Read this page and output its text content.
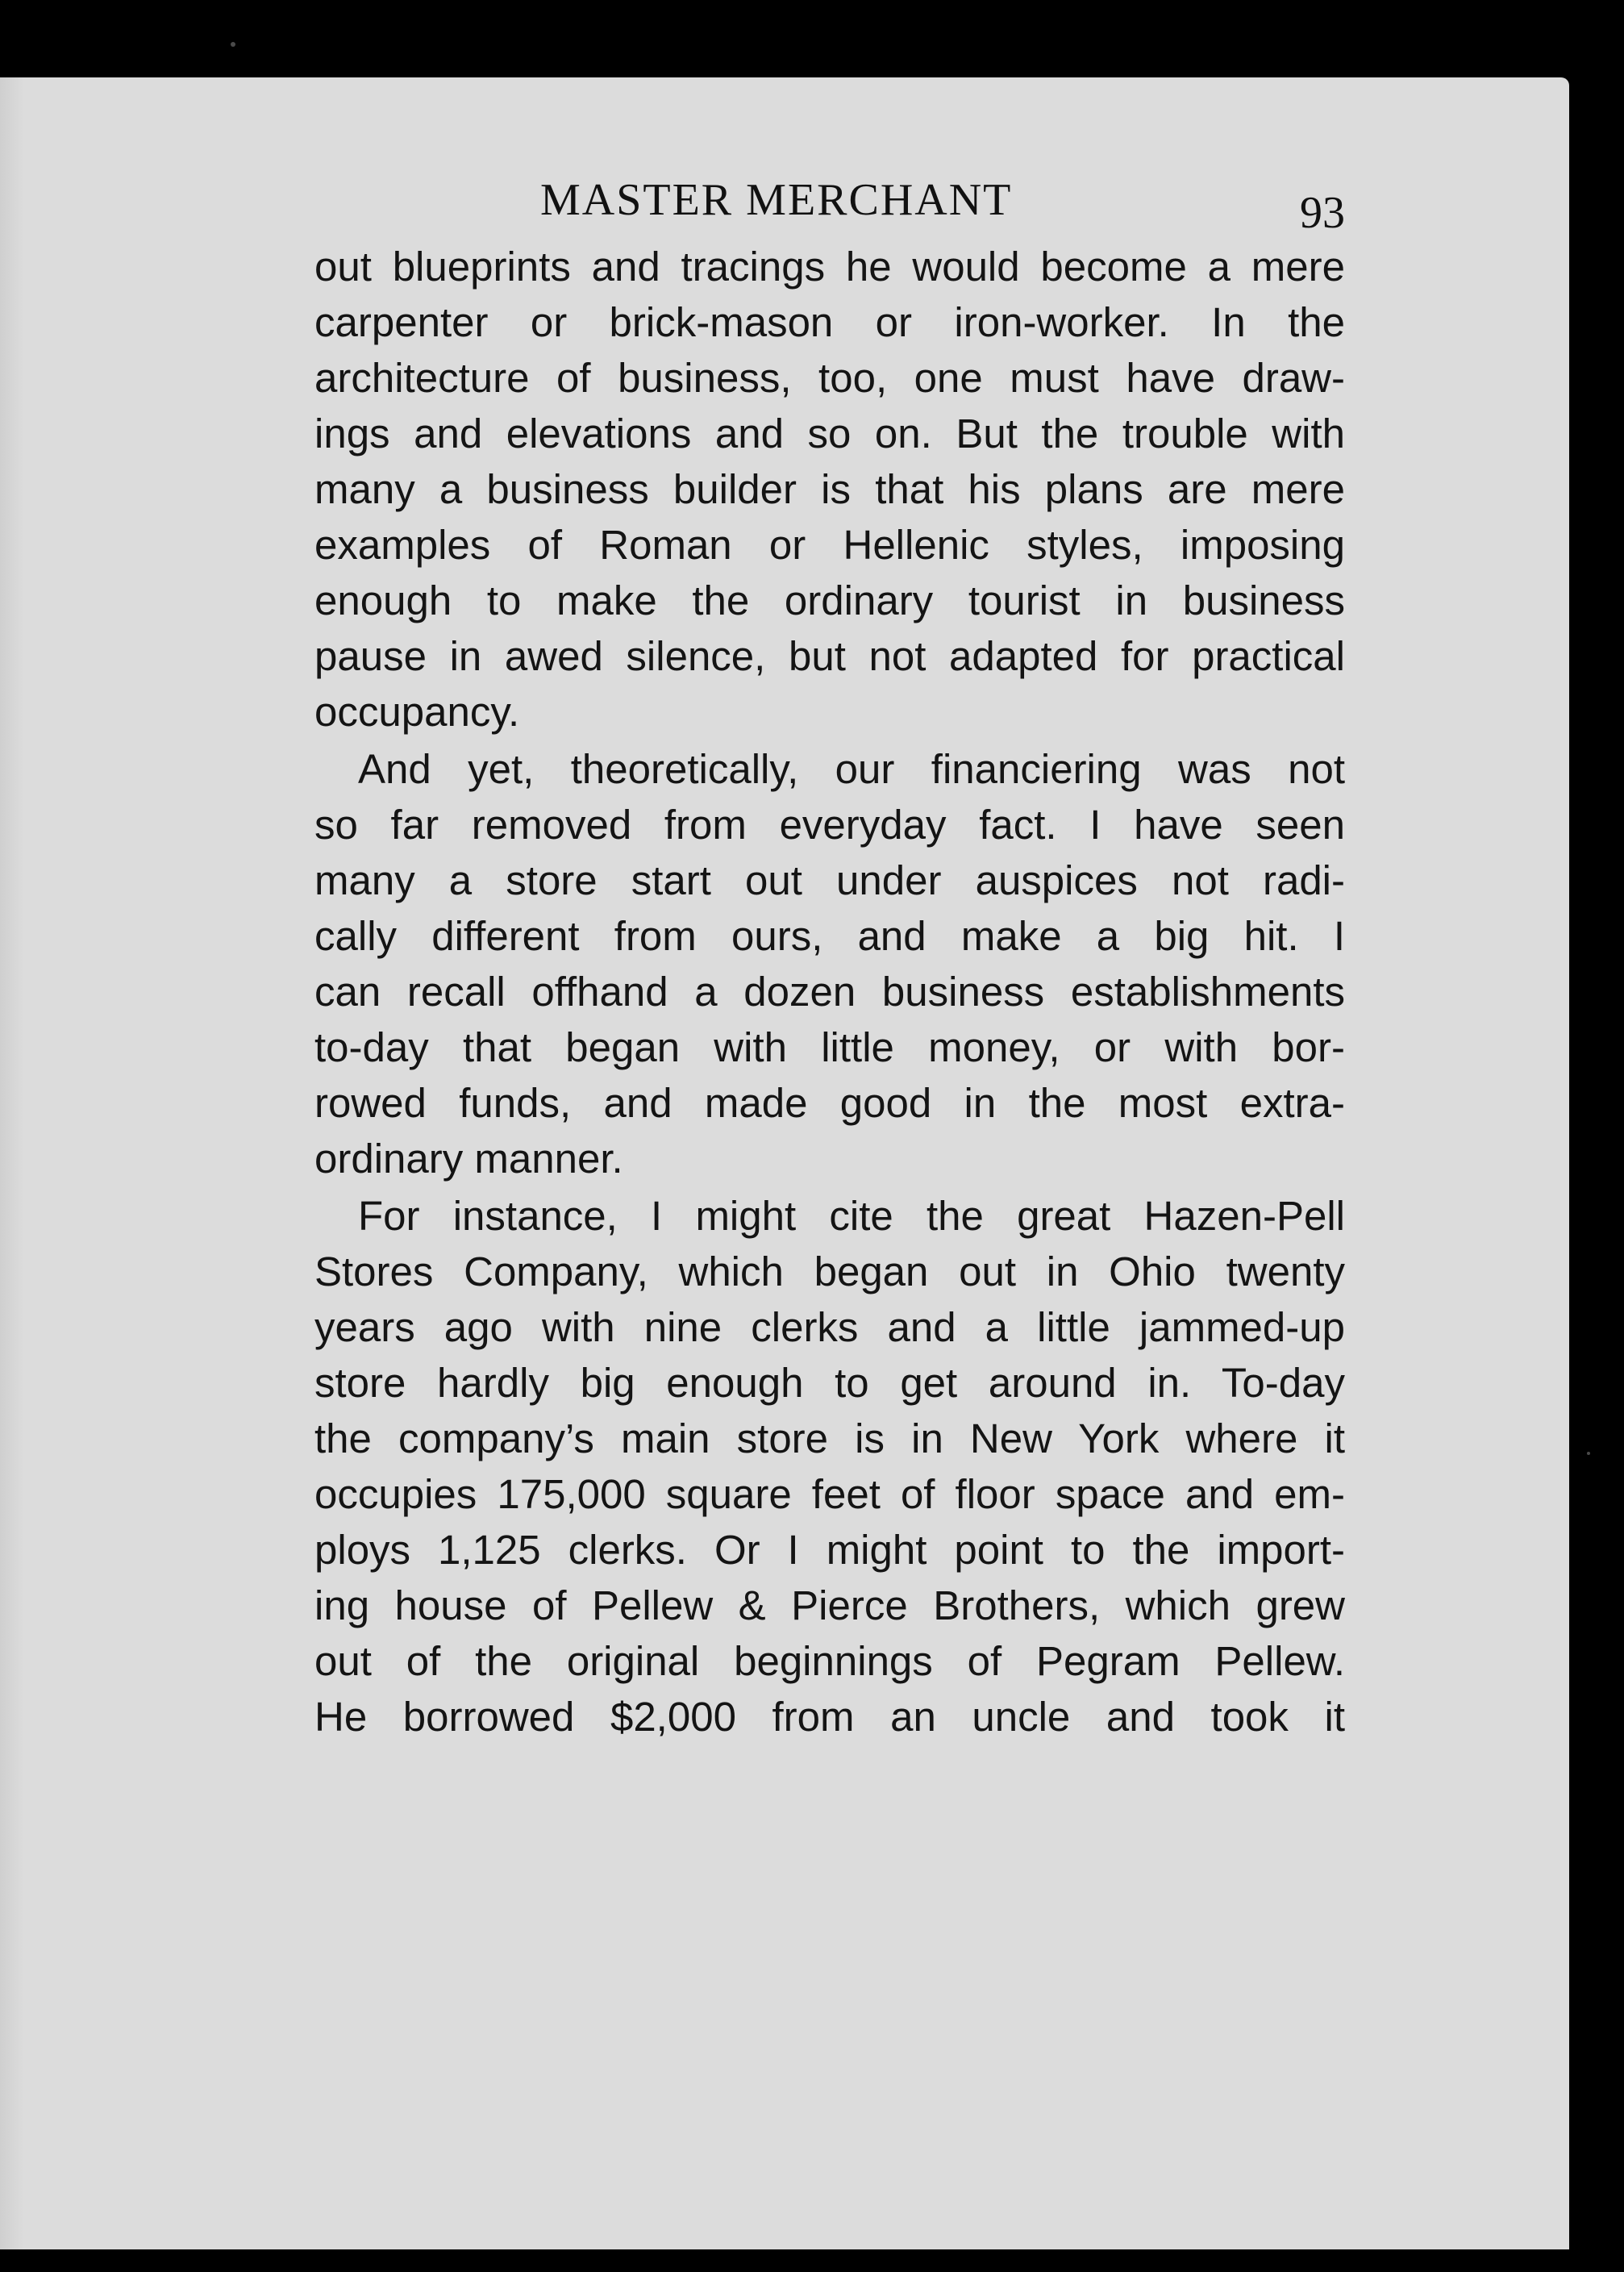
MASTER MERCHANT	93
out blueprints and tracings he would become a mere
carpenter or brick-mason or iron-worker. In the
architecture of business, too, one must have draw-
ings and elevations and so on. But the trouble with
many a business builder is that his plans are mere
examples of Roman or Hellenic styles, imposing
enough to make the ordinary tourist in business
pause in awed silence, but not adapted for practical
occupancy.
And yet, theoretically, our financiering was not
so far removed from everyday fact. I have seen
many a store start out under auspices not radi-
cally different from ours, and make a big hit. I
can recall offhand a dozen business establishments
to-day that began with little money, or with bor-
rowed funds, and made good in the most extra-
ordinary manner.
For instance, I might cite the great Hazen-Pell
Stores Company, which began out in Ohio twenty
years ago with nine clerks and a little jammed-up
store hardly big enough to get around in. To-day
the company’s main store is in New York where it
occupies 175,000 square feet of floor space and em-
ploys 1,125 clerks. Or I might point to the import-
ing house of Pellew & Pierce Brothers, which grew
out of the original beginnings of Pegram Pellew.
He borrowed $2,000 from an uncle and took it
